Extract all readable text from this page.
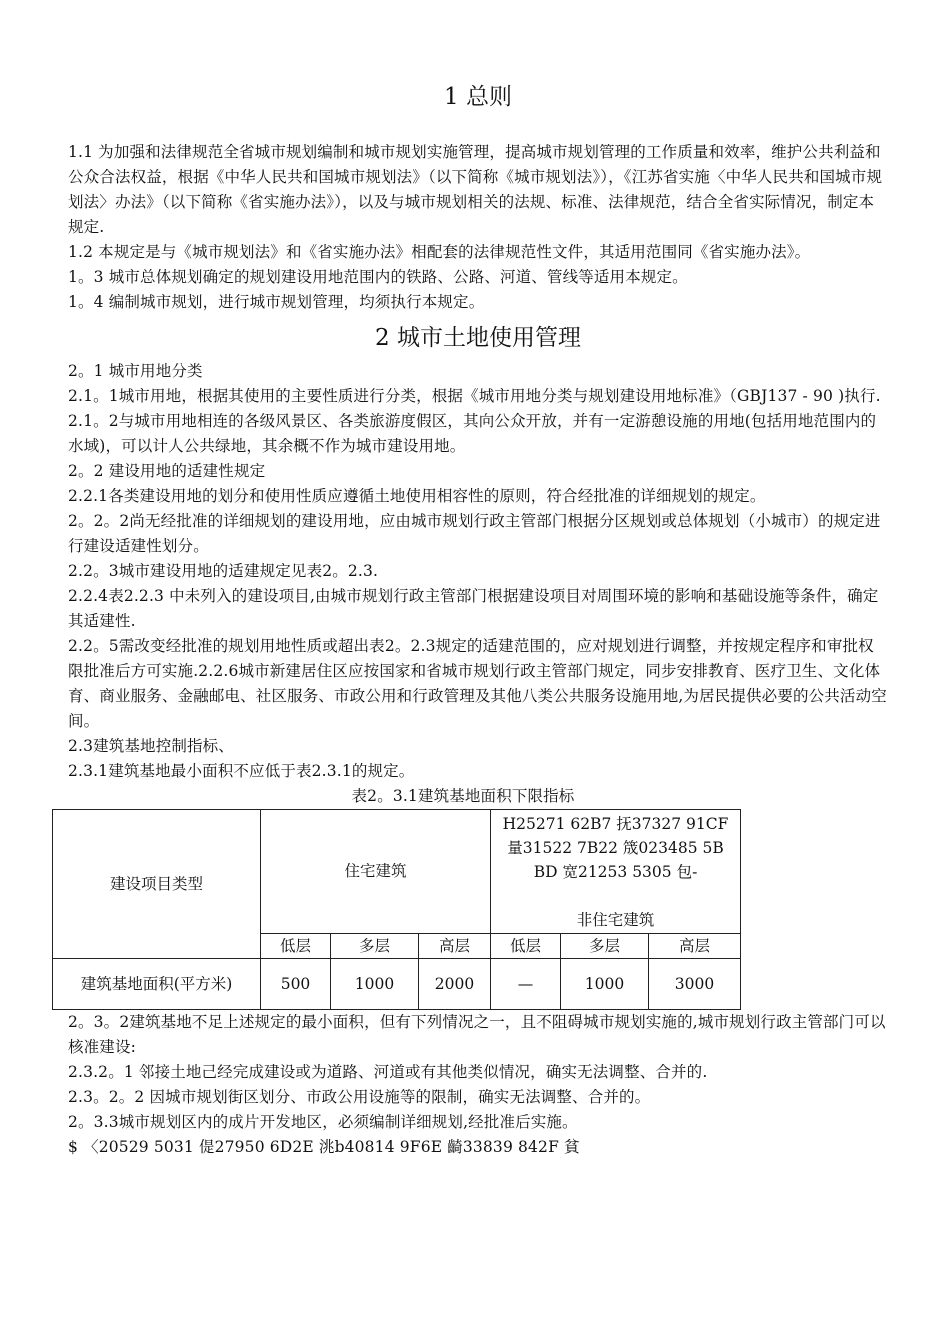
1 总则

1.1 为加强和法律规范全省城市规划编制和城市规划实施管理，提高城市规划管理的工作质量和效率，维护公共利益和公众合法权益，根据《中华人民共和国城市规划法》（以下简称《城市规划法》），《江苏省实施〈中华人民共和国城市规划法〉办法》（以下简称《省实施办法》），以及与城市规划相关的法规、标准、法律规范，结合全省实际情况，制定本规定.

1.2 本规定是与《城市规划法》和《省实施办法》相配套的法律规范性文件，其适用范围同《省实施办法》。

1。3 城市总体规划确定的规划建设用地范围内的铁路、公路、河道、管线等适用本规定。

1。4 编制城市规划，进行城市规划管理，均须执行本规定。

2 城市土地使用管理

2。1 城市用地分类

2.1。1城市用地，根据其使用的主要性质进行分类，根据《城市用地分类与规划建设用地标准》（GBJ137 - 90 )执行.

2.1。2与城市用地相连的各级风景区、各类旅游度假区，其向公众开放，并有一定游憩设施的用地(包括用地范围内的水域)，可以计人公共绿地，其余概不作为城市建设用地。

2。2 建设用地的适建性规定

2.2.1各类建设用地的划分和使用性质应遵循土地使用相容性的原则，符合经批准的详细规划的规定。

2。2。2尚无经批准的详细规划的建设用地，应由城市规划行政主管部门根据分区规划或总体规划（小城市）的规定进行建设适建性划分。

2.2。3城市建设用地的适建规定见表2。2.3.

2.2.4表2.2.3 中未列入的建设项目,由城市规划行政主管部门根据建设项目对周围环境的影响和基础设施等条件，确定其适建性.

2.2。5需改变经批准的规划用地性质或超出表2。2.3规定的适建范围的，应对规划进行调整，并按规定程序和审批权限批准后方可实施.2.2.6城市新建居住区应按国家和省城市规划行政主管部门规定，同步安排教育、医疗卫生、文化体育、商业服务、金融邮电、社区服务、市政公用和行政管理及其他八类公共服务设施用地,为居民提供必要的公共活动空间。

2.3建筑基地控制指标、

2.3.1建筑基地最小面积不应低于表2.3.1的规定。

表2。3.1建筑基地面积下限指标

建设项目类型	住宅建筑			H25271 62B7 抚37327 91CF
量31522 7B22 筬023485 5B
BD 宽21253 5305 包-
非住宅建筑		

	低层	多层	高层	低层	多层	高层
建筑基地面积(平方米)	500	1000	2000	—	1000	3000

2。3。2建筑基地不足上述规定的最小面积，但有下列情况之一，且不阻碍城市规划实施的,城市规划行政主管部门可以核准建设:

2.3.2。1 邻接土地己经完成建设或为道路、河道或有其他类似情况，确实无法调整、合并的.

2.3。2。2 因城市规划街区划分、市政公用设施等的限制，确实无法调整、合并的。

2。3.3城市规划区内的成片开发地区，必须编制详细规划,经批准后实施。

$ 〈20529 5031 偍27950 6D2E 洮b40814 9F6E 齮33839 842F 貧
